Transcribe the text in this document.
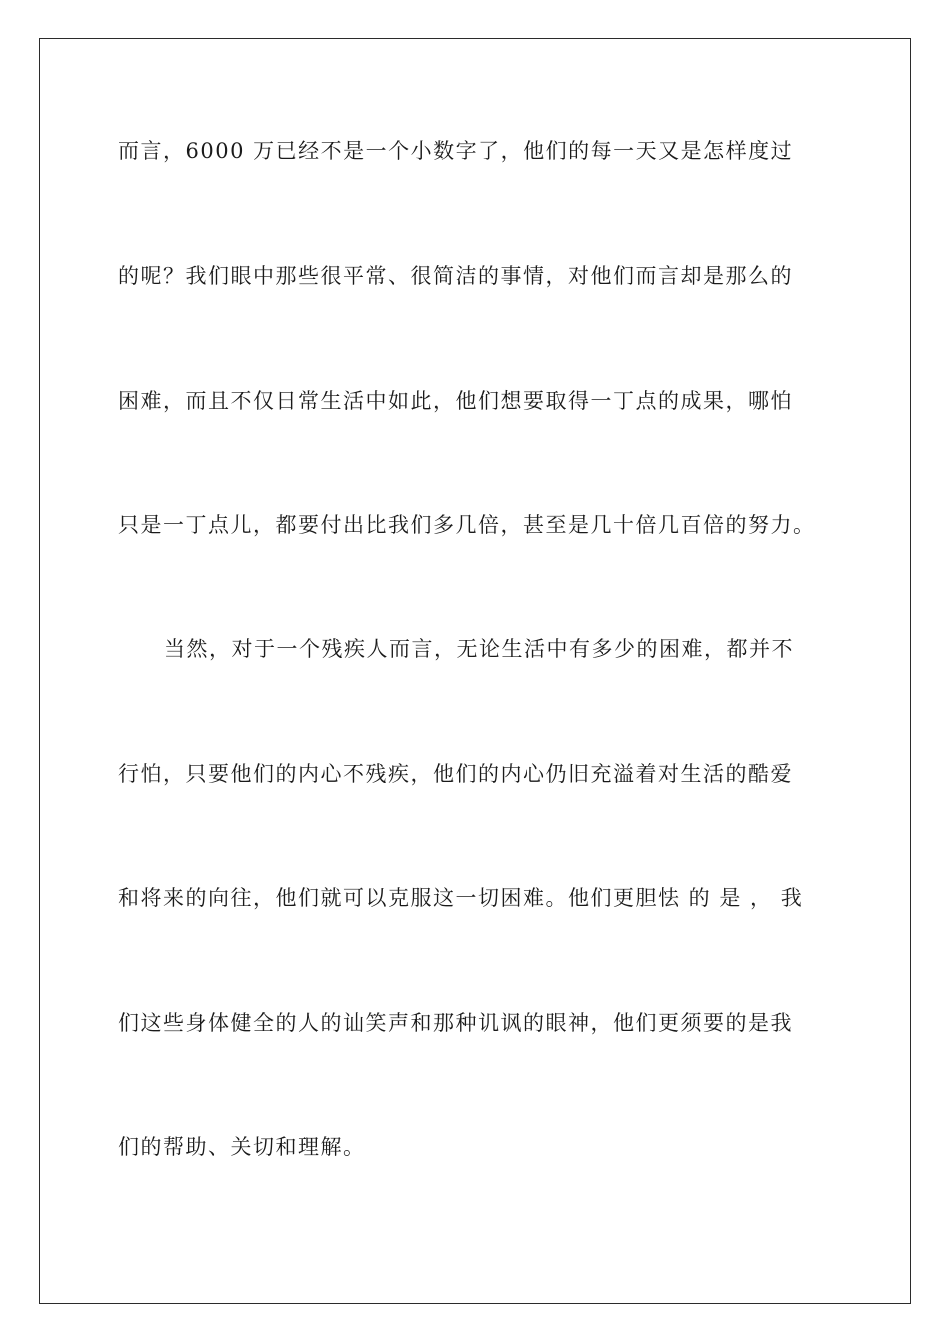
而言，6000 万已经不是一个小数字了，他们的每一天又是怎样度过
的呢？我们眼中那些很平常、很简洁的事情，对他们而言却是那么的
困难，而且不仅日常生活中如此，他们想要取得一丁点的成果，哪怕
只是一丁点儿，都要付出比我们多几倍，甚至是几十倍几百倍的努力。
当然，对于一个残疾人而言，无论生活中有多少的困难，都并不
行怕，只要他们的内心不残疾，他们的内心仍旧充溢着对生活的酷爱
和将来的向往，他们就可以克服这一切困难。他们更胆怯 的 是 ， 我
们这些身体健全的人的讪笑声和那种讥讽的眼神，他们更须要的是我
们的帮助、关切和理解。
